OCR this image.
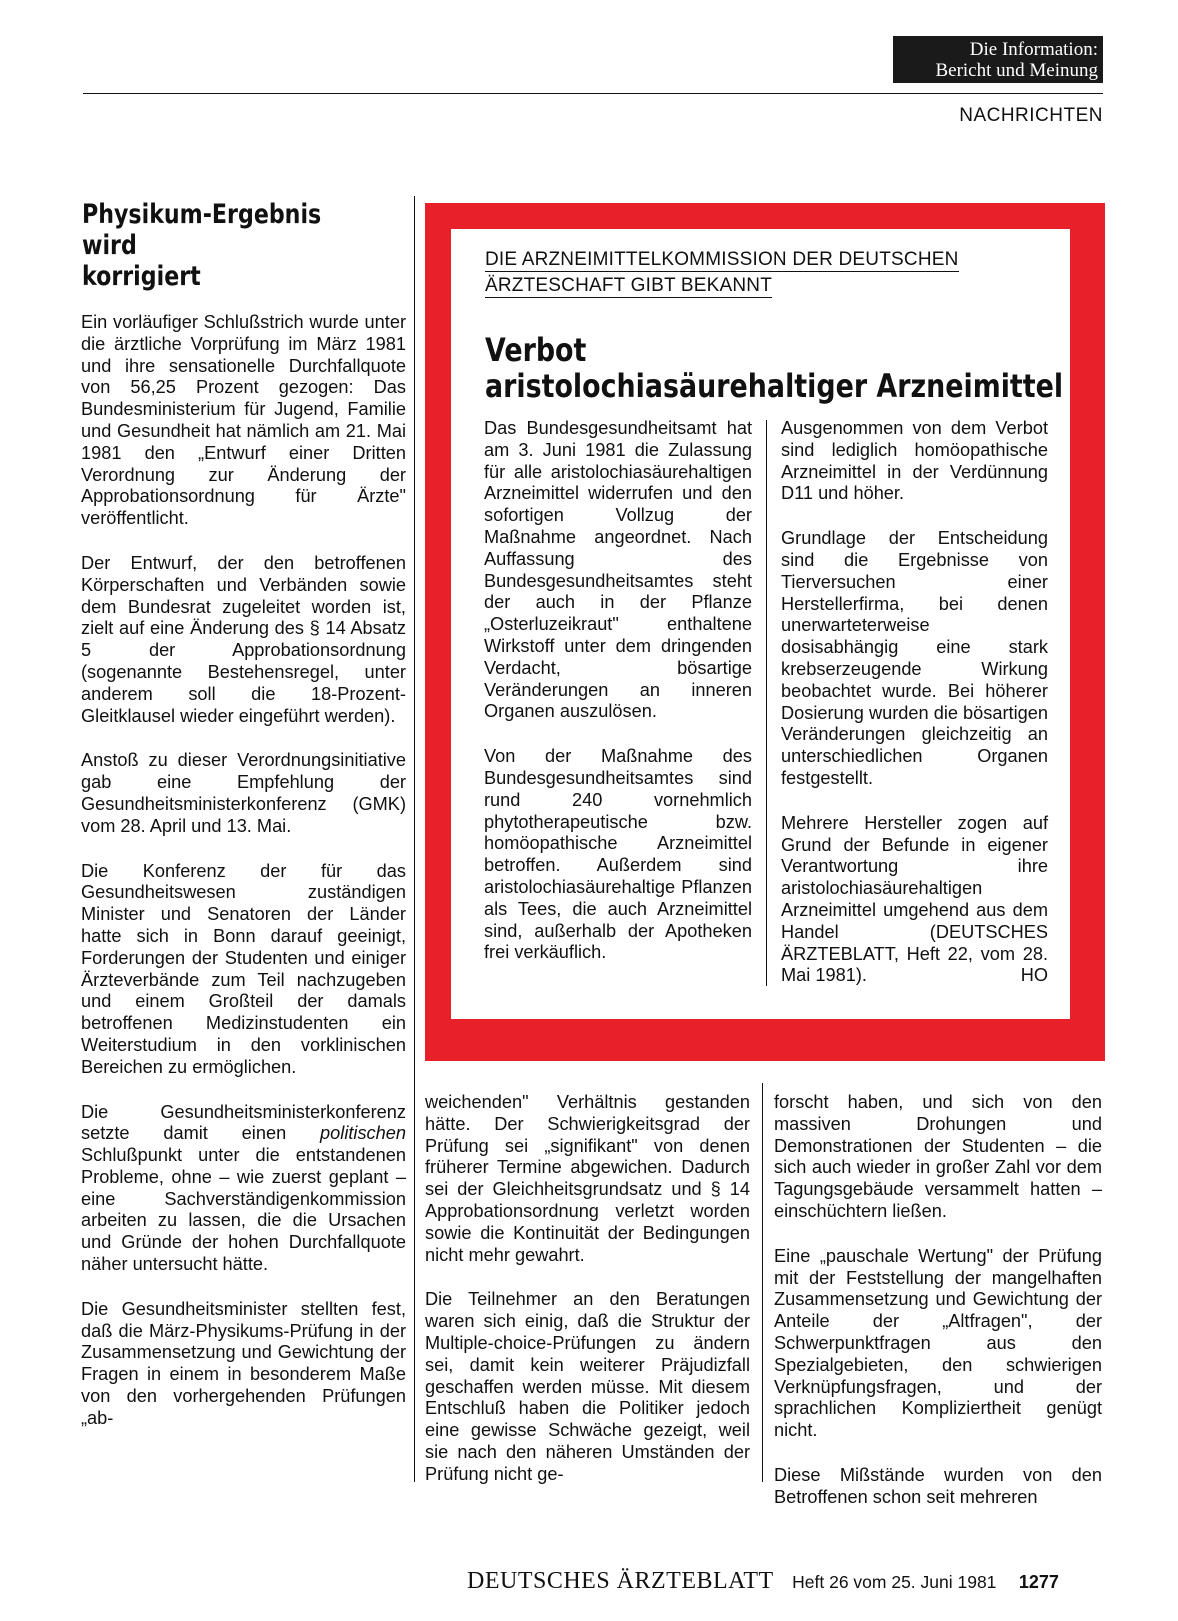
Die Information:
Bericht und Meinung
NACHRICHTEN
Physikum-Ergebnis
wird
korrigiert

Ein vorläufiger Schlußstrich wurde unter die ärztliche Vorprüfung im März 1981 und ihre sensationelle Durchfallquote von 56,25 Prozent gezogen: Das Bundesministerium für Jugend, Familie und Gesundheit hat nämlich am 21. Mai 1981 den „Entwurf einer Dritten Verordnung zur Änderung der Approbationsordnung für Ärzte" veröffentlicht.

Der Entwurf, der den betroffenen Körperschaften und Verbänden sowie dem Bundesrat zugeleitet worden ist, zielt auf eine Änderung des § 14 Absatz 5 der Approbationsordnung (sogenannte Bestehensregel, unter anderem soll die 18-Prozent-Gleitklausel wieder eingeführt werden).

Anstoß zu dieser Verordnungsinitiative gab eine Empfehlung der Gesundheitsministerkonferenz (GMK) vom 28. April und 13. Mai.

Die Konferenz der für das Gesundheitswesen zuständigen Minister und Senatoren der Länder hatte sich in Bonn darauf geeinigt, Forderungen der Studenten und einiger Ärzteverbände zum Teil nachzugeben und einem Großteil der damals betroffenen Medizinstudenten ein Weiterstudium in den vorklinischen Bereichen zu ermöglichen.

Die Gesundheitsministerkonferenz setzte damit einen politischen Schlußpunkt unter die entstandenen Probleme, ohne – wie zuerst geplant – eine Sachverständigenkommission arbeiten zu lassen, die die Ursachen und Gründe der hohen Durchfallquote näher untersucht hätte.

Die Gesundheitsminister stellten fest, daß die März-Physikums-Prüfung in der Zusammensetzung und Gewichtung der Fragen in einem in besonderem Maße von den vorhergehenden Prüfungen „ab-

DIE ARZNEIMITTELKOMMISSION DER DEUTSCHEN
ÄRZTESCHAFT GIBT BEKANNT
Verbot
aristolochiasäurehaltiger Arzneimittel

Das Bundesgesundheitsamt hat am 3. Juni 1981 die Zulassung für alle aristolochiasäurehaltigen Arzneimittel widerrufen und den sofortigen Vollzug der Maßnahme angeordnet. Nach Auffassung des Bundesgesundheitsamtes steht der auch in der Pflanze „Osterluzeikraut" enthaltene Wirkstoff unter dem dringenden Verdacht, bösartige Veränderungen an inneren Organen auszulösen.

Von der Maßnahme des Bundesgesundheitsamtes sind rund 240 vornehmlich phytotherapeutische bzw. homöopathische Arzneimittel betroffen. Außerdem sind aristolochiasäurehaltige Pflanzen als Tees, die auch Arzneimittel sind, außerhalb der Apotheken frei verkäuflich.

Ausgenommen von dem Verbot sind lediglich homöopathische Arzneimittel in der Verdünnung D11 und höher.

Grundlage der Entscheidung sind die Ergebnisse von Tierversuchen einer Herstellerfirma, bei denen unerwarteterweise dosisabhängig eine stark krebserzeugende Wirkung beobachtet wurde. Bei höherer Dosierung wurden die bösartigen Veränderungen gleichzeitig an unterschiedlichen Organen festgestellt.

Mehrere Hersteller zogen auf Grund der Befunde in eigener Verantwortung ihre aristolochiasäurehaltigen Arzneimittel umgehend aus dem Handel (DEUTSCHES ÄRZTEBLATT, Heft 22, vom 28. Mai 1981).	HO

weichenden" Verhältnis gestanden hätte. Der Schwierigkeitsgrad der Prüfung sei „signifikant" von denen früherer Termine abgewichen. Dadurch sei der Gleichheitsgrundsatz und § 14 Approbationsordnung verletzt worden sowie die Kontinuität der Bedingungen nicht mehr gewahrt.

Die Teilnehmer an den Beratungen waren sich einig, daß die Struktur der Multiple-choice-Prüfungen zu ändern sei, damit kein weiterer Präjudizfall geschaffen werden müsse. Mit diesem Entschluß haben die Politiker jedoch eine gewisse Schwäche gezeigt, weil sie nach den näheren Umständen der Prüfung nicht ge-

forscht haben, und sich von den massiven Drohungen und Demonstrationen der Studenten – die sich auch wieder in großer Zahl vor dem Tagungsgebäude versammelt hatten – einschüchtern ließen.

Eine „pauschale Wertung" der Prüfung mit der Feststellung der mangelhaften Zusammensetzung und Gewichtung der Anteile der „Altfragen", der Schwerpunktfragen aus den Spezialgebieten, den schwierigen Verknüpfungsfragen, und der sprachlichen Kompliziertheit genügt nicht.

Diese Mißstände wurden von den Betroffenen schon seit mehreren

DEUTSCHES ÄRZTEBLATT Heft 26 vom 25. Juni 1981 1277
